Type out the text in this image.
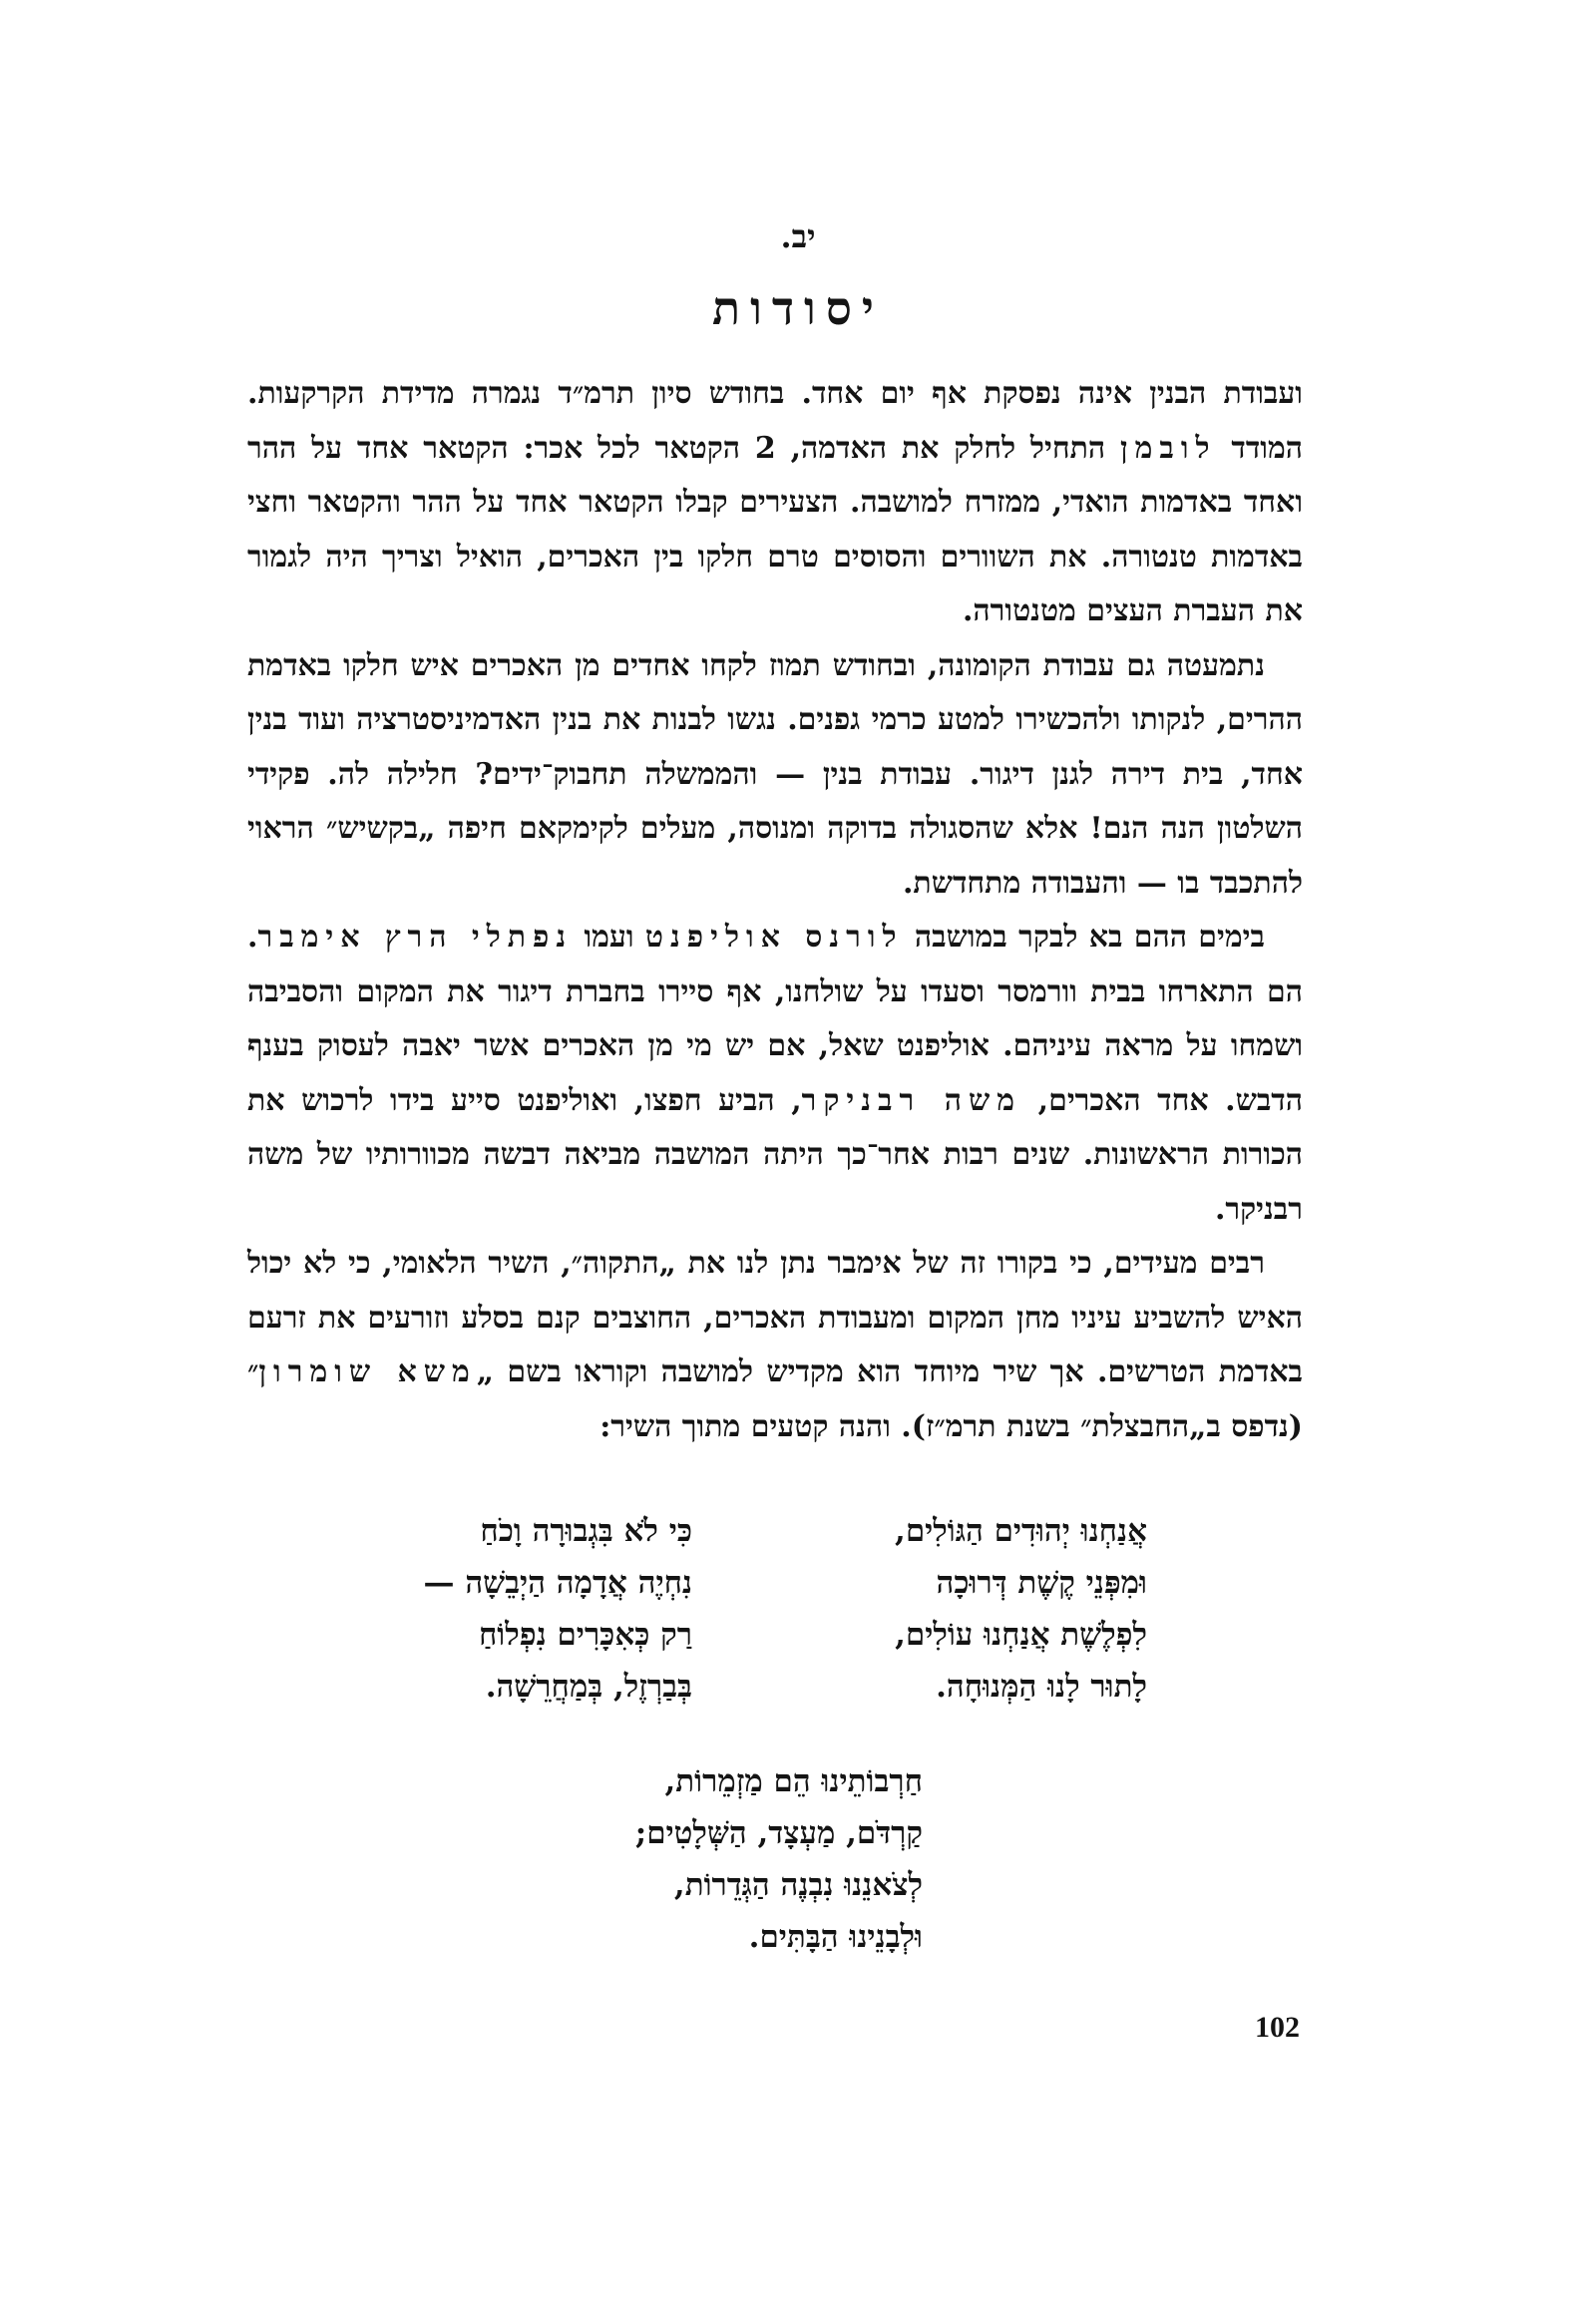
יב.
יסודות

ועבודת הבנין אינה נפסקת אף יום אחד. בחודש סיון תרמ״ד נגמרה מדידת הקרקעות. המודד לובמן התחיל לחלק את האדמה, 2 הקטאר לכל אכר: הקטאר אחד על ההר ואחד באדמות הואדי, ממזרח למושבה. הצעירים קבלו הקטאר אחד על ההר והקטאר וחצי באדמות טנטורה. את השוורים והסוסים טרם חלקו בין האכרים, הואיל וצריך היה לגמור את העברת העצים מטנטורה.

נתמעטה גם עבודת הקומונה, ובחודש תמוז לקחו אחדים מן האכרים איש חלקו באדמת ההרים, לנקותו ולהכשירו למטע כרמי גפנים. נגשו לבנות את בנין האדמיניסטרציה ועוד בנין אחד, בית דירה לגנן דיגור. עבודת בנין — והממשלה תחבוק־ידים? חלילה לה. פקידי השלטון הנה הנם! אלא שהסגולה בדוקה ומנוסה, מעלים לקימקאם חיפה „בקשיש״ הראוי להתכבד בו — והעבודה מתחדשת.

בימים ההם בא לבקר במושבה לורנס אוליפנט ועמו נפתלי הרץ אימבר. הם התארחו בבית וורמסר וסעדו על שולחנו, אף סיירו בחברת דיגור את המקום והסביבה ושמחו על מראה עיניהם. אוליפנט שאל, אם יש מי מן האכרים אשר יאבה לעסוק בענף הדבש. אחד האכרים, משה רבניקר, הביע חפצו, ואוליפנט סייע בידו לרכוש את הכורות הראשונות. שנים רבות אחר־כך היתה המושבה מביאה דבשה מכוורותיו של משה רבניקר.

רבים מעידים, כי בקורו זה של אימבר נתן לנו את „התקוה״, השיר הלאומי, כי לא יכול האיש להשביע עיניו מחן המקום ומעבודת האכרים, החוצבים קנם בסלע וזורעים את זרעם באדמת הטרשים. אך שיר מיוחד הוא מקדיש למושבה וקוראו בשם „משא שומרון״ (נדפס ב„החבצלת״ בשנת תרמ״ז). והנה קטעים מתוך השיר:

אֲנַחְנוּ יְהוּדִים הַגּוֹלִים,
וּמִפְּנֵי קֶשֶׁת דְּרוּכָה
לִפְלֶשֶׁת אֲנַחְנוּ עוֹלִים,
לָתוּר לָנוּ הַמְּנוּחָה.
כִּי לֹא בִּגְבוּרָה וָכֹחַ
נִחְיֶה אֲדָמָה הַיְבֵשָׁה —
רַק כְּאִכָּרִים נִפְלוֹחַ
בְּבַרְזֶל, בְּמַחֲרֵשָׁה.
חַרְבוֹתֵינוּ הֵם מַזְמֵרוֹת,
קַרְדֹּם, מַעְצָד, הַשְּׁלָטִים;
לְצֹאנֵנוּ נִבְנֶה הַגְּדֵרוֹת,
וּלְבָנֵינוּ הַבָּתִּים.
102
